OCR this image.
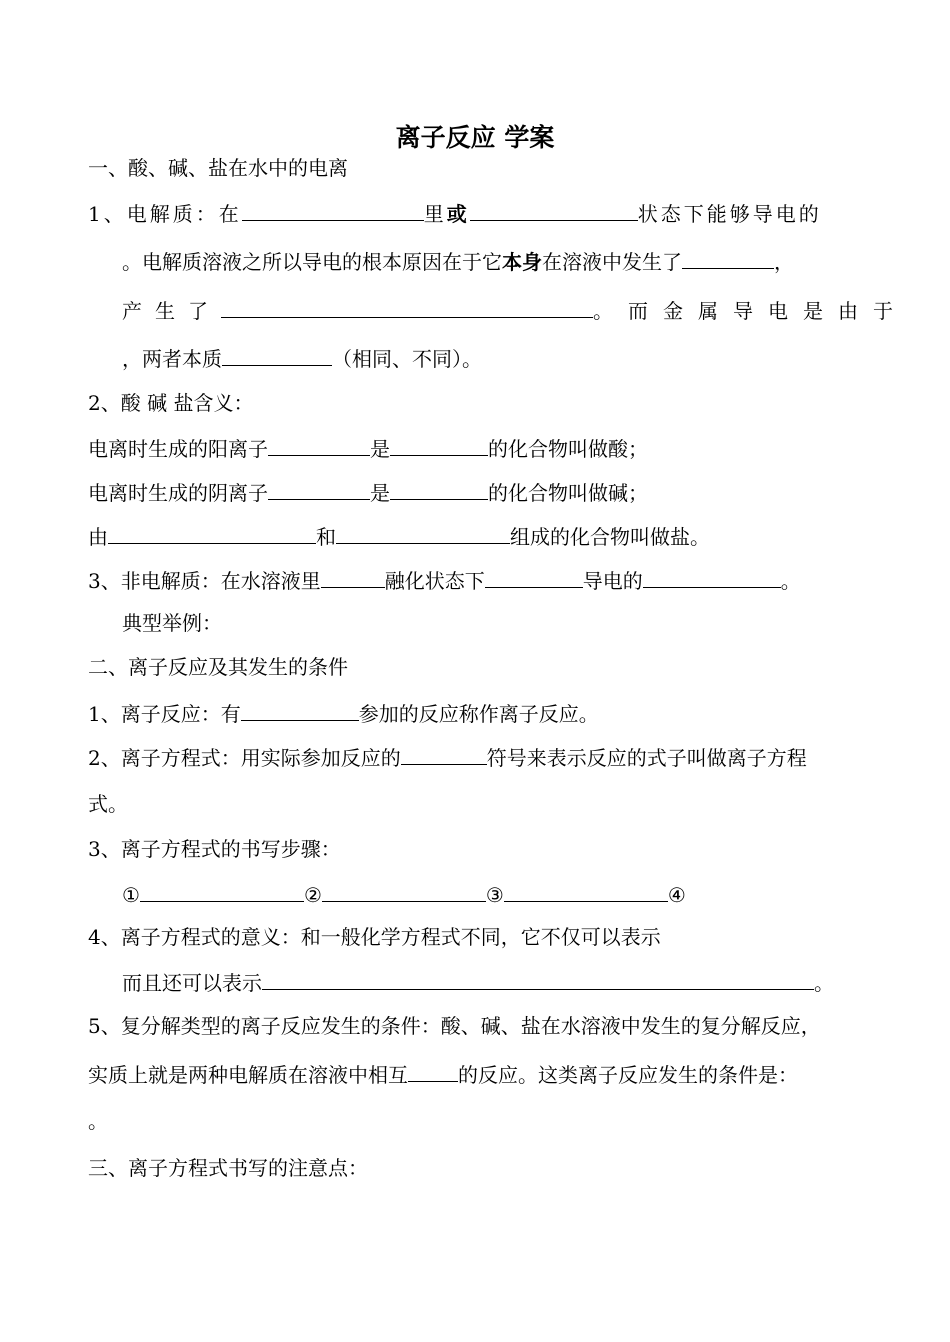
离子反应 学案
一、酸、碱、盐在水中的电离
1、电解质：在	里或	状态下能够导电的
。电解质溶液之所以导电的根本原因在于它本身在溶液中发生了	，
产生了	。而金属导电是由于
，两者本质	（相同、不同）。
2、酸 碱 盐含义：
电离时生成的阳离子	是	的化合物叫做酸；
电离时生成的阴离子	是	的化合物叫做碱；
由	和	组成的化合物叫做盐。
3、非电解质：在水溶液里	融化状态下	导电的	。
典型举例：
二、离子反应及其发生的条件
1、离子反应：有	参加的反应称作离子反应。
2、离子方程式：用实际参加反应的	符号来表示反应的式子叫做离子方程
式。
3、离子方程式的书写步骤：
①	②	③	④
4、离子方程式的意义：和一般化学方程式不同，它不仅可以表示
而且还可以表示	。
5、复分解类型的离子反应发生的条件：酸、碱、盐在水溶液中发生的复分解反应，
实质上就是两种电解质在溶液中相互	的反应。这类离子反应发生的条件是：
。
三、离子方程式书写的注意点：
